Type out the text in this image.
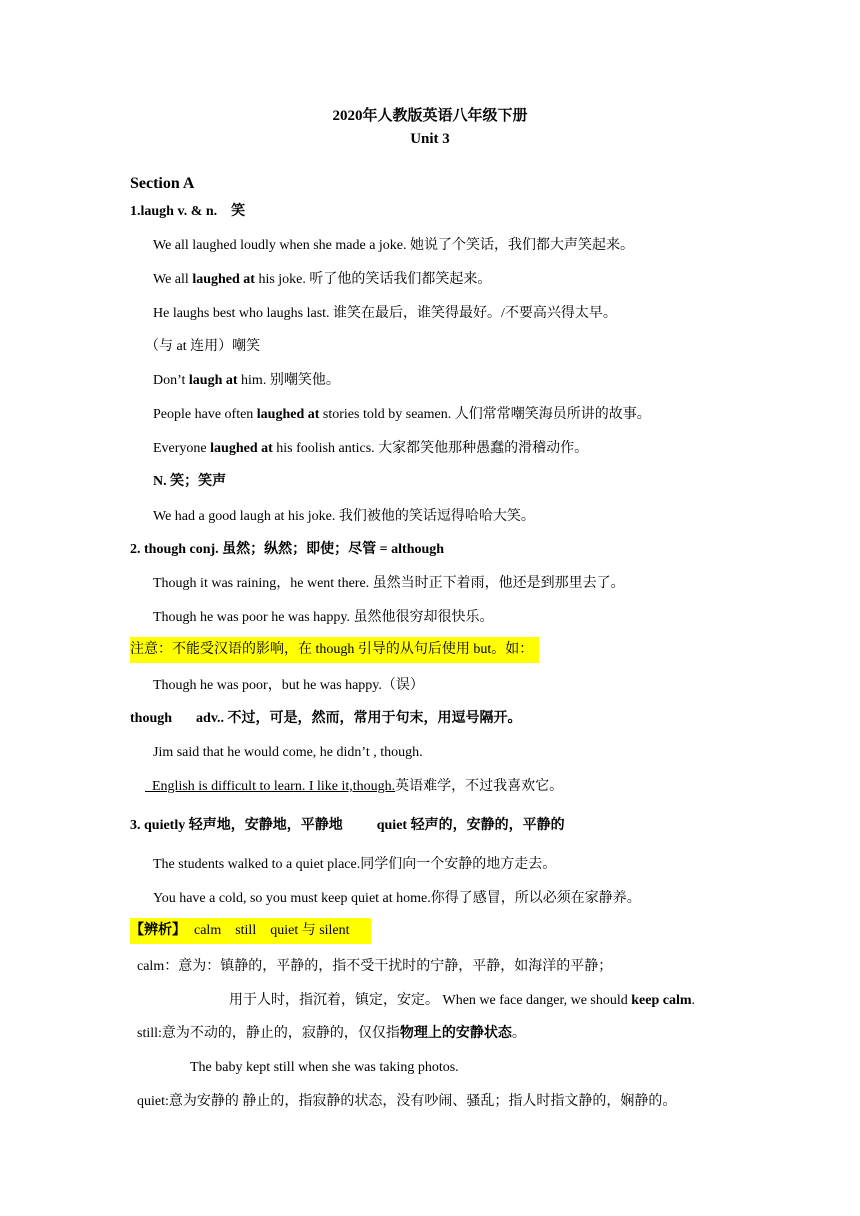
2020年人教版英语八年级下册
Unit 3
Section A
1.laugh v. & n.　笑
We all laughed loudly when she made a joke. 她说了个笑话，我们都大声笑起来。
We all laughed at his joke. 听了他的笑话我们都笑起来。
He laughs best who laughs last. 谁笑在最后，谁笑得最好。/不要高兴得太早。
（与 at 连用）嘲笑
Don’t laugh at him. 别嘲笑他。
People have often laughed at stories told by seamen. 人们常常嘲笑海员所讲的故事。
Everyone laughed at his foolish antics. 大家都笑他那种愚蠢的滑稽动作。
N. 笑；笑声
We had a good laugh at his joke. 我们被他的笑话逗得哈哈大笑。
2. though conj. 虽然；纵然；即使；尽管 = although
Though it was raining，he went there. 虽然当时正下着雨，他还是到那里去了。
Though he was poor he was happy. 虽然他很穷却很快乐。
注意：不能受汉语的影响，在 though 引导的从句后使用 but。如：
Though he was poor，but he was happy.（误）
though adv.. 不过，可是，然而，常用于句末，用逗号隔开。
Jim said that he would come, he didn’t , though.
English is difficult to learn. I like it,though.英语难学，不过我喜欢它。
3. quietly 轻声地，安静地，平静地 quiet 轻声的，安静的，平静的
The students walked to a quiet place.同学们向一个安静的地方走去。
You have a cold, so you must keep quiet at home.你得了感冒，所以必须在家静养。
【辨析】 calm　still　quiet 与 silent
calm：意为：镇静的，平静的，指不受干扰时的宁静，平静，如海洋的平静；
用于人时，指沉着，镇定，安定。 When we face danger, we should keep calm.
still:意为不动的，静止的，寂静的，仅仅指物理上的安静状态。
The baby kept still when she was taking photos.
quiet:意为安静的 静止的，指寂静的状态，没有吵闹、骚乱；指人时指文静的，娴静的。
